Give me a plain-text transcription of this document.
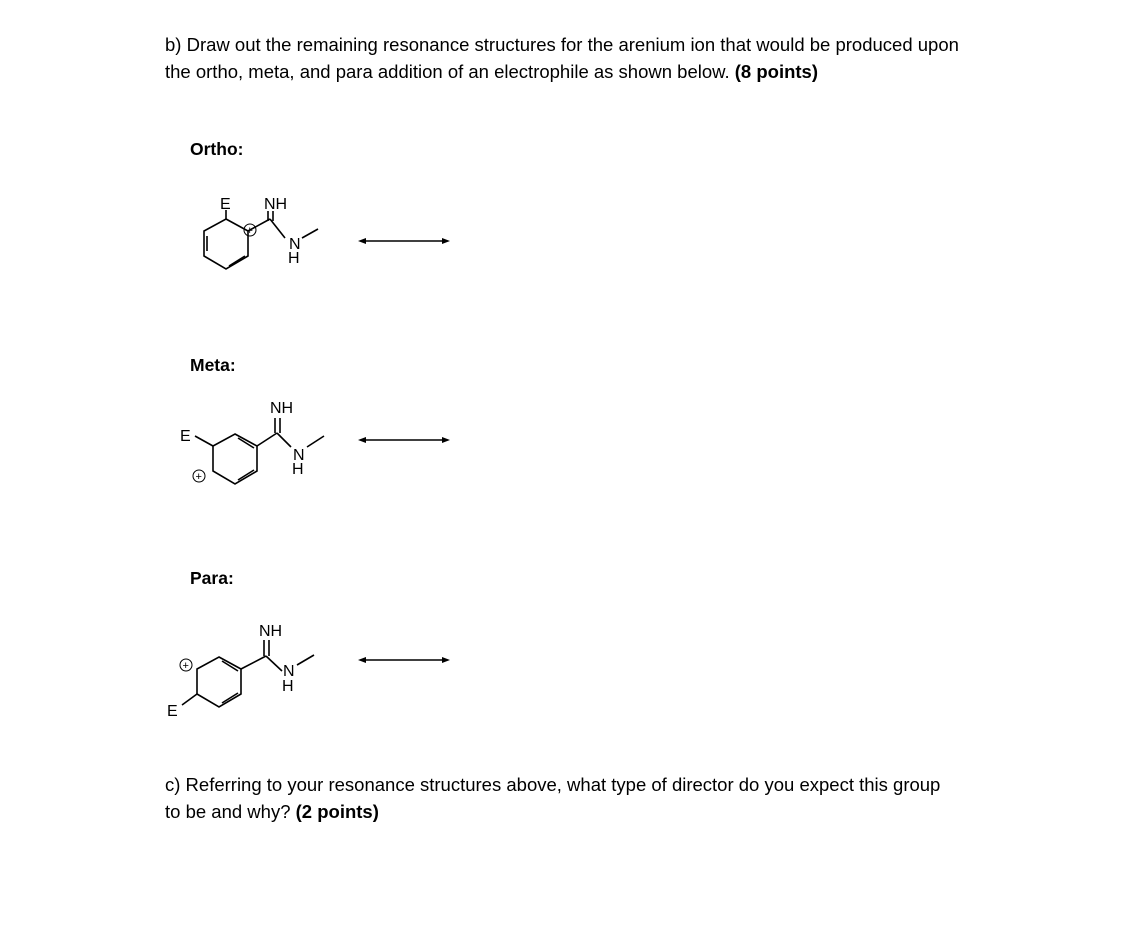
b) Draw out the remaining resonance structures for the arenium ion that would be produced upon the ortho, meta, and para addition of an electrophile as shown below. (8 points)
Ortho:
E
+
NH
N
H
Meta:
E
+
NH
N
H
Para:
E
+
NH
N
H
c) Referring to your resonance structures above, what type of director do you expect this group to be and why? (2 points)
